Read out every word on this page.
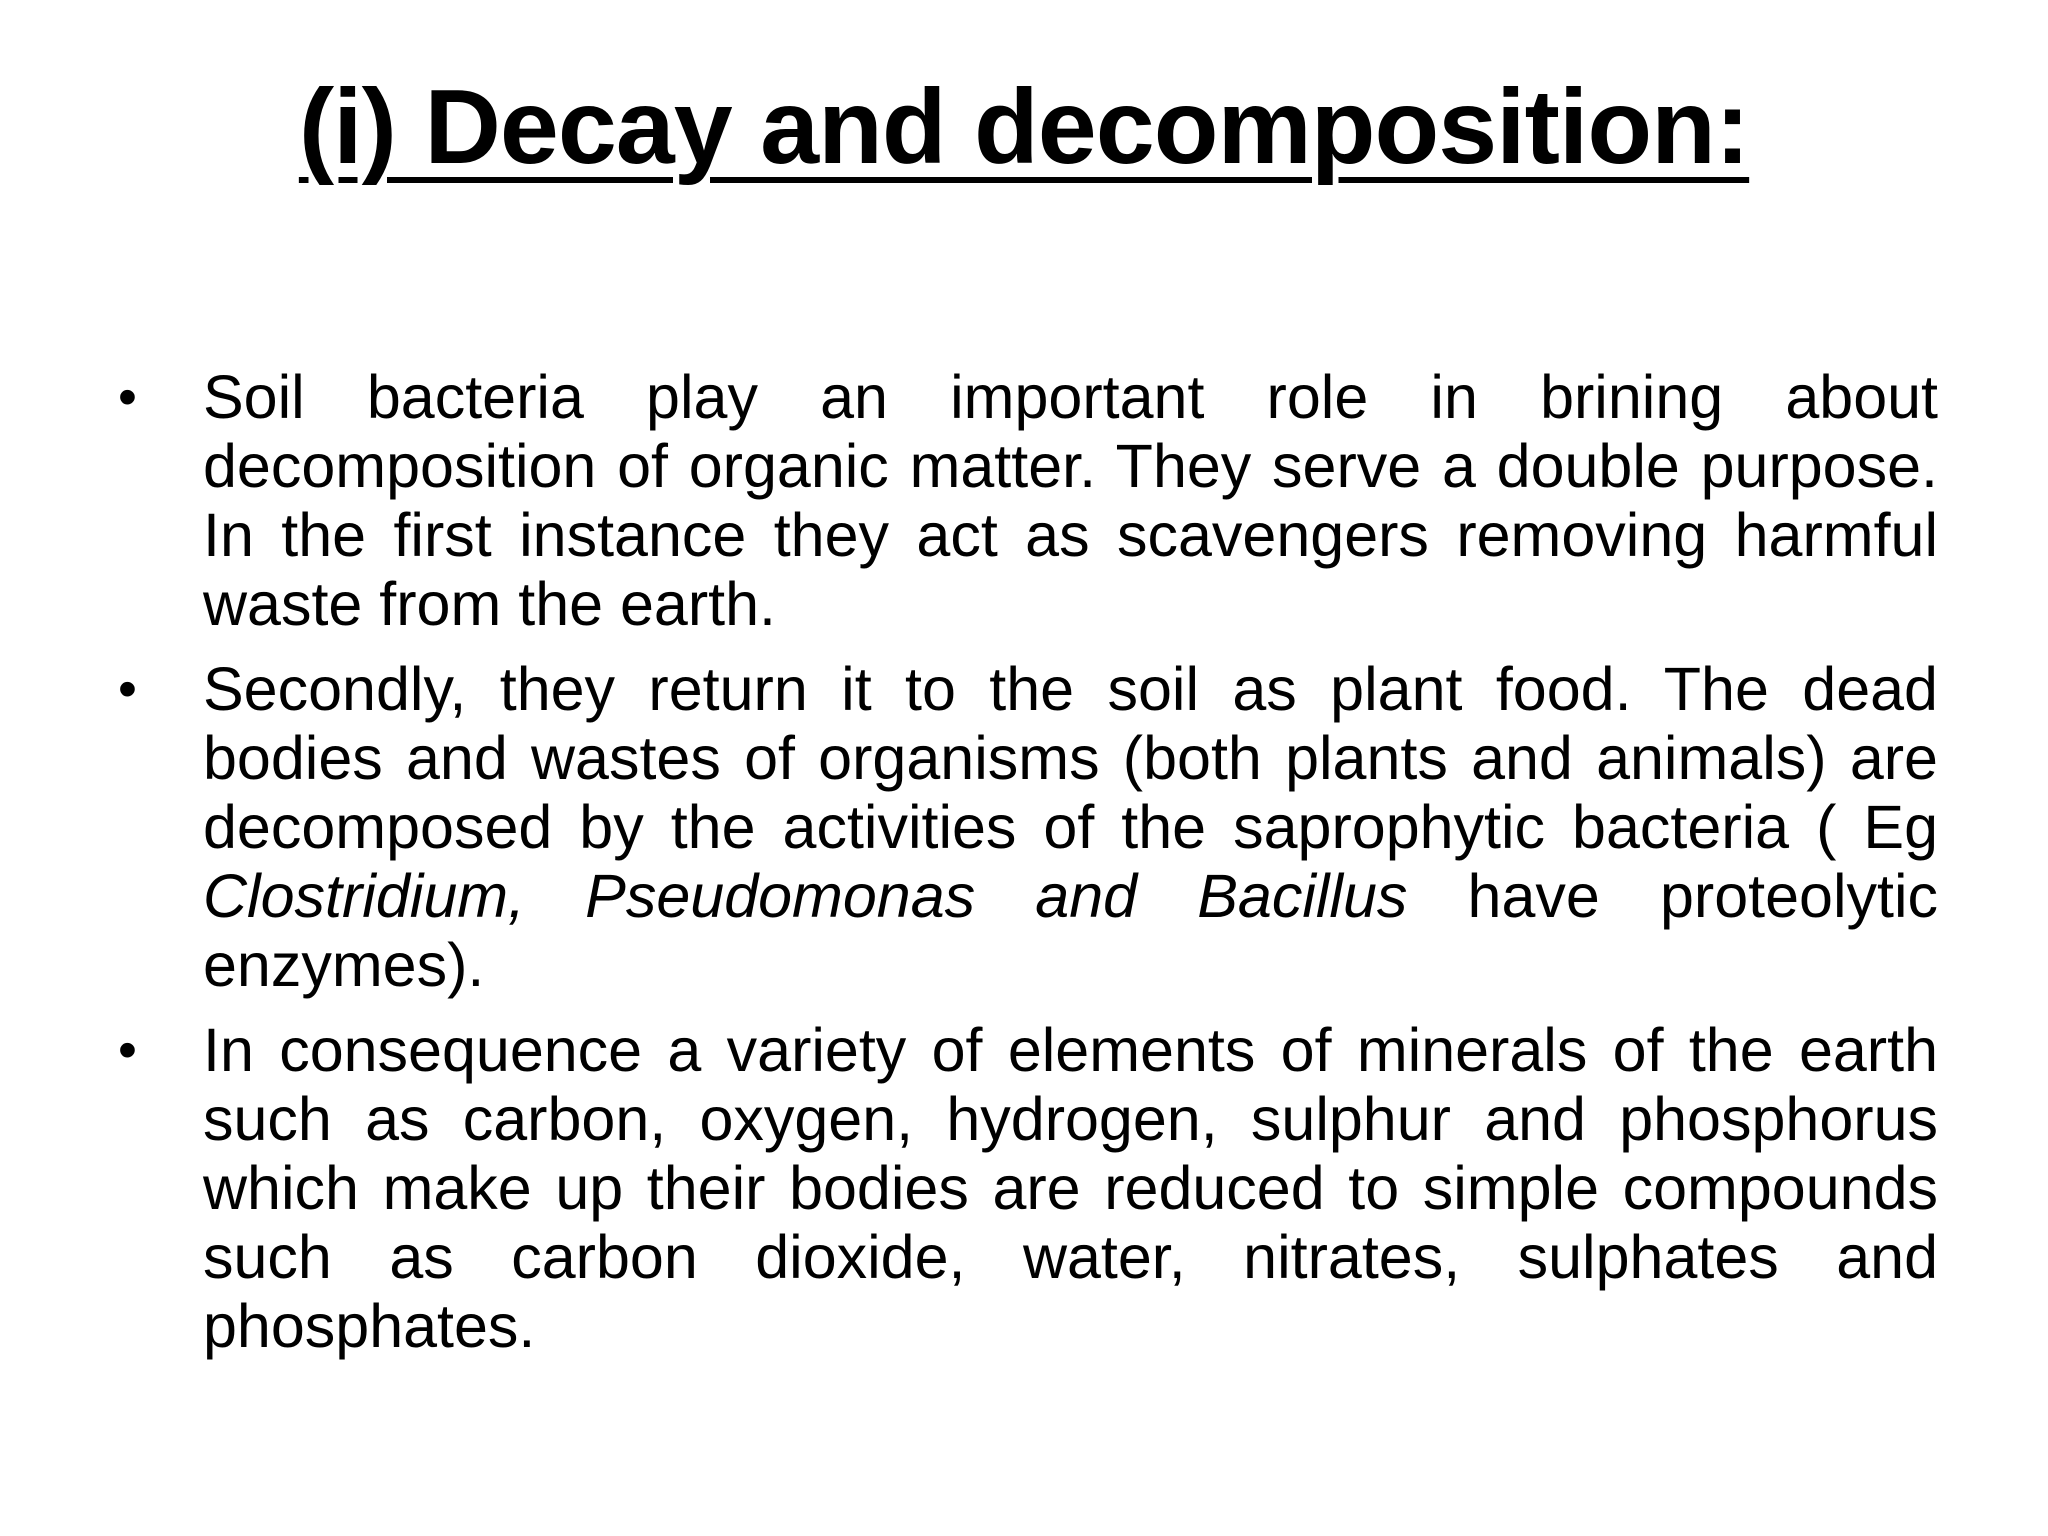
(i) Decay and decomposition:
•	Soil bacteria play an important role in brining about decomposition of organic matter. They serve a double purpose. In the first instance they act as scavengers removing harmful waste from the earth.

•	Secondly, they return it to the soil as plant food. The dead bodies and wastes of organisms (both plants and animals) are decomposed by the activities of the saprophytic bacteria ( Eg Clostridium, Pseudomonas and Bacillus have proteolytic enzymes).

•	In consequence a variety of elements of minerals of the earth such as carbon, oxygen, hydrogen, sulphur and phosphorus which make up their bodies are reduced to simple compounds such as carbon dioxide, water, nitrates, sulphates and phosphates.
